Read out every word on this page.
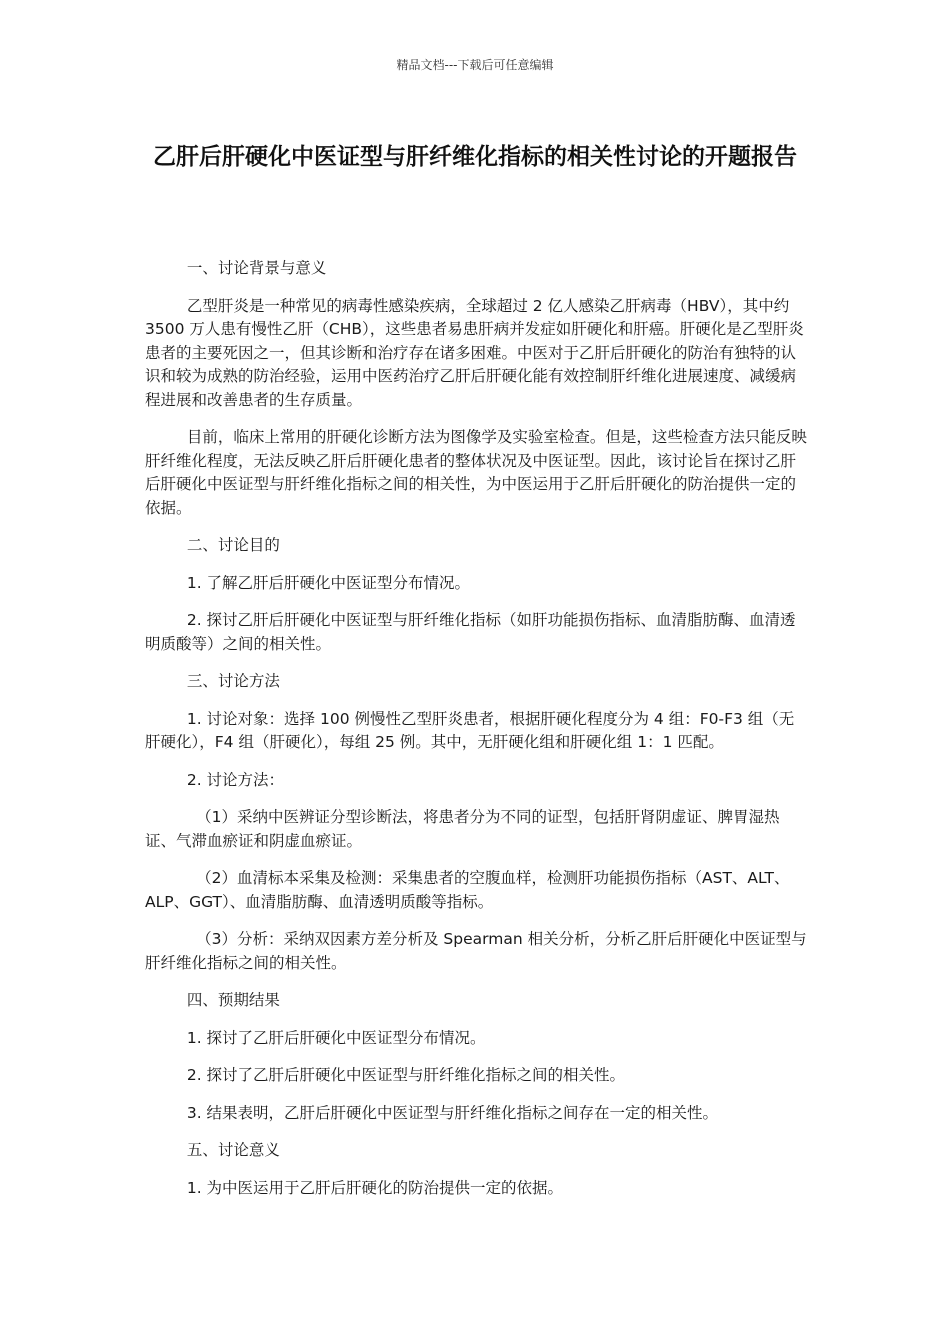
精品文档---下载后可任意编辑
乙肝后肝硬化中医证型与肝纤维化指标的相关性讨论的开题报告

一、讨论背景与意义

乙型肝炎是一种常见的病毒性感染疾病，全球超过 2 亿人感染乙肝病毒（HBV），其中约 3500 万人患有慢性乙肝（CHB），这些患者易患肝病并发症如肝硬化和肝癌。肝硬化是乙型肝炎患者的主要死因之一，但其诊断和治疗存在诸多困难。中医对于乙肝后肝硬化的防治有独特的认识和较为成熟的防治经验，运用中医药治疗乙肝后肝硬化能有效控制肝纤维化进展速度、减缓病程进展和改善患者的生存质量。

目前，临床上常用的肝硬化诊断方法为图像学及实验室检查。但是，这些检查方法只能反映肝纤维化程度，无法反映乙肝后肝硬化患者的整体状况及中医证型。因此，该讨论旨在探讨乙肝后肝硬化中医证型与肝纤维化指标之间的相关性，为中医运用于乙肝后肝硬化的防治提供一定的依据。

二、讨论目的

1. 了解乙肝后肝硬化中医证型分布情况。

2. 探讨乙肝后肝硬化中医证型与肝纤维化指标（如肝功能损伤指标、血清脂肪酶、血清透明质酸等）之间的相关性。

三、讨论方法

1. 讨论对象：选择 100 例慢性乙型肝炎患者，根据肝硬化程度分为 4 组：F0-F3 组（无肝硬化），F4 组（肝硬化），每组 25 例。其中，无肝硬化组和肝硬化组 1：1 匹配。

2. 讨论方法：

（1）采纳中医辨证分型诊断法，将患者分为不同的证型，包括肝肾阴虚证、脾胃湿热证、气滞血瘀证和阴虚血瘀证。

（2）血清标本采集及检测：采集患者的空腹血样，检测肝功能损伤指标（AST、ALT、ALP、GGT）、血清脂肪酶、血清透明质酸等指标。

（3）分析：采纳双因素方差分析及 Spearman 相关分析，分析乙肝后肝硬化中医证型与肝纤维化指标之间的相关性。

四、预期结果

1. 探讨了乙肝后肝硬化中医证型分布情况。

2. 探讨了乙肝后肝硬化中医证型与肝纤维化指标之间的相关性。

3. 结果表明，乙肝后肝硬化中医证型与肝纤维化指标之间存在一定的相关性。

五、讨论意义

1. 为中医运用于乙肝后肝硬化的防治提供一定的依据。
